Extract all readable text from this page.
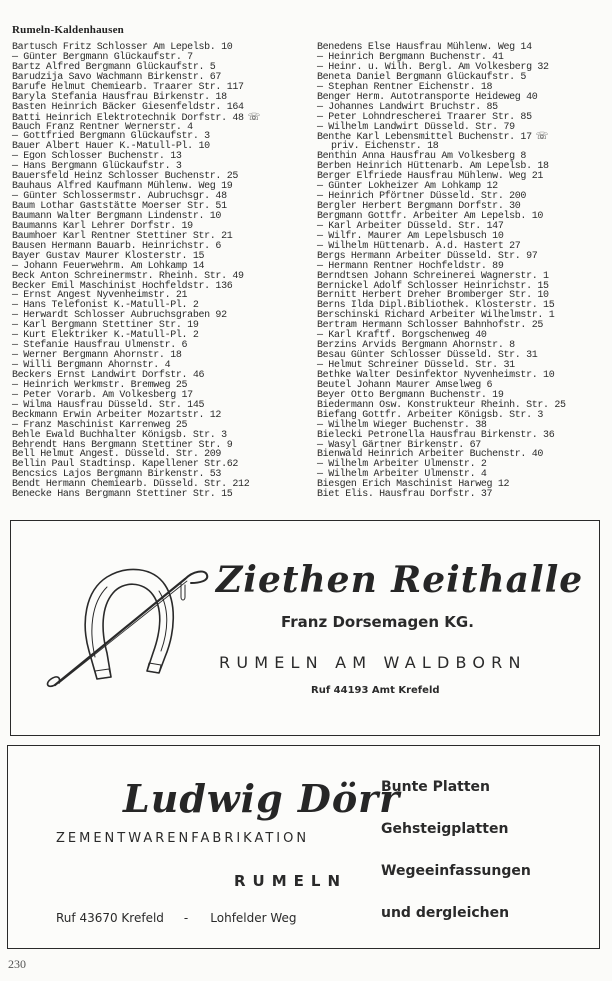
Rumeln-Kaldenhausen
Bartusch Fritz Schlosser Am Lepelsb. 10
— Günter Bergmann Glückaufstr. 7
Bartz Alfred Bergmann Glückaufstr. 5
Barudzija Savo Wachmann Birkenstr. 67
Barufe Helmut Chemiearb. Traarer Str. 117
Baryla Stefania Hausfrau Birkenstr. 18
Basten Heinrich Bäcker Giesenfeldstr. 164
Batti Heinrich Elektrotechnik Dorfstr. 48 ☏
Bauch Franz Rentner Wernerstr. 4
— Gottfried Bergmann Glückaufstr. 3
Bauer Albert Hauer K.-Matull-Pl. 10
— Egon Schlosser Buchenstr. 13
— Hans Bergmann Glückaufstr. 3
Bauersfeld Heinz Schlosser Buchenstr. 25
Bauhaus Alfred Kaufmann Mühlenw. Weg 19
— Günter Schlossermstr. Aubruchsgr. 48
Baum Lothar Gaststätte Moerser Str. 51
Baumann Walter Bergmann Lindenstr. 10
Baumanns Karl Lehrer Dorfstr. 19
Baumhoer Karl Rentner Stettiner Str. 21
Bausen Hermann Bauarb. Heinrichstr. 6
Bayer Gustav Maurer Klosterstr. 15
— Johann Feuerwehrm. Am Lohkamp 14
Beck Anton Schreinermstr. Rheinh. Str. 49
Becker Emil Maschinist Hochfeldstr. 136
— Ernst Angest Nyvenheimstr. 21
— Hans Telefonist K.-Matull-Pl. 2
— Herwardt Schlosser Aubruchsgraben 92
— Karl Bergmann Stettiner Str. 19
— Kurt Elektriker K.-Matull-Pl. 2
— Stefanie Hausfrau Ulmenstr. 6
— Werner Bergmann Ahornstr. 18
— Willi Bergmann Ahornstr. 4
Beckers Ernst Landwirt Dorfstr. 46
— Heinrich Werkmstr. Bremweg 25
— Peter Vorarb. Am Volkesberg 17
— Wilma Hausfrau Düsseld. Str. 145
Beckmann Erwin Arbeiter Mozartstr. 12
— Franz Maschinist Karrenweg 25
Behle Ewald Buchhalter Königsb. Str. 3
Behrendt Hans Bergmann Stettiner Str. 9
Bell Helmut Angest. Düsseld. Str. 209
Bellin Paul Stadtinsp. Kapellener Str.62
Bencsics Lajos Bergmann Birkenstr. 53
Bendt Hermann Chemiearb. Düsseld. Str. 212
Benecke Hans Bergmann Stettiner Str. 15
Benedens Else Hausfrau Mühlenw. Weg 14
— Heinrich Bergmann Buchenstr. 41
— Heinr. u. Wilh. Bergl. Am Volkesberg 32
Beneta Daniel Bergmann Glückaufstr. 5
— Stephan Rentner Eichenstr. 18
Benger Herm. Autotransporte Heideweg 40
— Johannes Landwirt Bruchstr. 85
— Peter Lohndrescherei Traarer Str. 85
— Wilhelm Landwirt Düsseld. Str. 79
Benthe Karl Lebensmittel Buchenstr. 17 ☏
priv. Eichenstr. 18
Benthin Anna Hausfrau Am Volkesberg 8
Berben Heinrich Hüttenarb. Am Lepelsb. 18
Berger Elfriede Hausfrau Mühlenw. Weg 21
— Günter Lokheizer Am Lohkamp 12
— Heinrich Pförtner Düsseld. Str. 200
Bergler Herbert Bergmann Dorfstr. 30
Bergmann Gottfr. Arbeiter Am Lepelsb. 10
— Karl Arbeiter Düsseld. Str. 147
— Wilfr. Maurer Am Lepelsbusch 10
— Wilhelm Hüttenarb. A.d. Hastert 27
Bergs Hermann Arbeiter Düsseld. Str. 97
— Hermann Rentner Hochfeldstr. 89
Berndtsen Johann Schreinerei Wagnerstr. 1
Bernickel Adolf Schlosser Heinrichstr. 15
Bernitt Herbert Dreher Bromberger Str. 10
Berns Ilda Dipl.Bibliothek. Klosterstr. 15
Berschinski Richard Arbeiter Wilhelmstr. 1
Bertram Hermann Schlosser Bahnhofstr. 25
— Karl Kraftf. Borgschenweg 40
Berzins Arvids Bergmann Ahornstr. 8
Besau Günter Schlosser Düsseld. Str. 31
— Helmut Schreiner Düsseld. Str. 31
Bethke Walter Desinfektor Nyvenheimstr. 10
Beutel Johann Maurer Amselweg 6
Beyer Otto Bergmann Buchenstr. 19
Biedermann Osw. Konstrukteur Rheinh. Str. 25
Biefang Gottfr. Arbeiter Königsb. Str. 3
— Wilhelm Wieger Buchenstr. 38
Bielecki Petronella Hausfrau Birkenstr. 36
— Wasyl Gärtner Birkenstr. 67
Bienwald Heinrich Arbeiter Buchenstr. 40
— Wilhelm Arbeiter Ulmenstr. 2
— Wilhelm Arbeiter Ulmenstr. 4
Biesgen Erich Maschinist Harweg 12
Biet Elis. Hausfrau Dorfstr. 37
Ziethen Reithalle
Franz Dorsemagen KG.
RUMELN AM WALDBORN
Ruf 44193 Amt Krefeld
Ludwig Dörr
ZEMENTWARENFABRIKATION
RUMELN
Ruf 43670 Krefeld - Lohfelder Weg
Bunte Platten
Gehsteigplatten
Wegeeinfassungen
und dergleichen
230
